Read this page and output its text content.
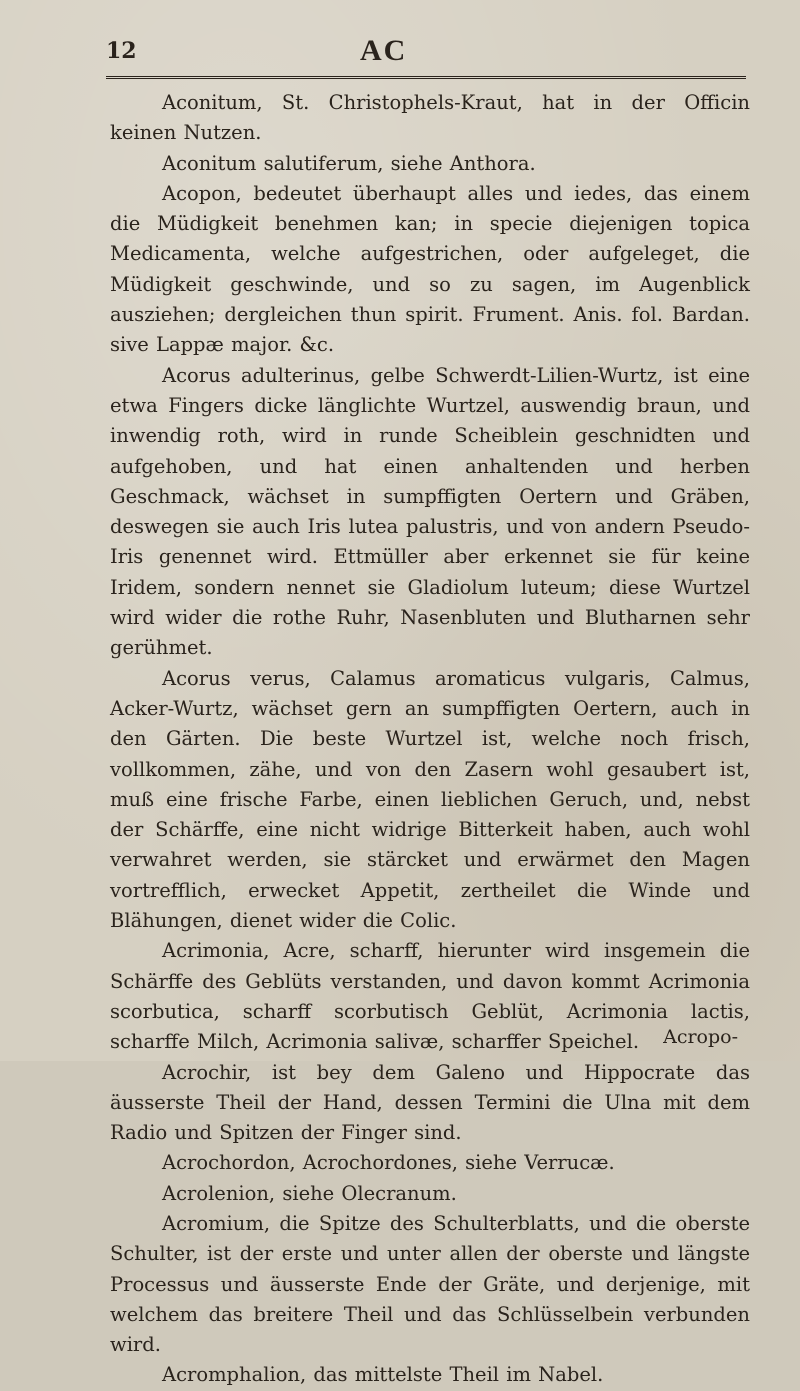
12	AC

Aconitum, St. Christophels-Kraut, hat in der Officin keinen Nutzen.

Aconitum salutiferum, siehe Anthora.

Acopon, bedeutet überhaupt alles und iedes, das einem die Müdigkeit benehmen kan; in specie diejenigen topica Medicamenta, welche aufgestrichen, oder aufgeleget, die Müdigkeit geschwinde, und so zu sagen, im Augenblick ausziehen; dergleichen thun spirit. Frument. Anis. fol. Bardan. sive Lappæ major. &c.

Acorus adulterinus, gelbe Schwerdt-Lilien-Wurtz, ist eine etwa Fingers dicke länglichte Wurtzel, auswendig braun, und inwendig roth, wird in runde Scheiblein geschnidten und aufgehoben, und hat einen anhaltenden und herben Geschmack, wächset in sumpffigten Oertern und Gräben, deswegen sie auch Iris lutea palustris, und von andern Pseudo-Iris genennet wird. Ettmüller aber erkennet sie für keine Iridem, sondern nennet sie Gladiolum luteum; diese Wurtzel wird wider die rothe Ruhr, Nasenbluten und Blutharnen sehr gerühmet.

Acorus verus, Calamus aromaticus vulgaris, Calmus, Acker-Wurtz, wächset gern an sumpffigten Oertern, auch in den Gärten. Die beste Wurtzel ist, welche noch frisch, vollkommen, zähe, und von den Zasern wohl gesaubert ist, muß eine frische Farbe, einen lieblichen Geruch, und, nebst der Schärffe, eine nicht widrige Bitterkeit haben, auch wohl verwahret werden, sie stärcket und erwärmet den Magen vortrefflich, erwecket Appetit, zertheilet die Winde und Blähungen, dienet wider die Colic.

Acrimonia, Acre, scharff, hierunter wird insgemein die Schärffe des Geblüts verstanden, und davon kommt Acrimonia scorbutica, scharff scorbutisch Geblüt, Acrimonia lactis, scharffe Milch, Acrimonia salivæ, scharffer Speichel.

Acrochir, ist bey dem Galeno und Hippocrate das äusserste Theil der Hand, dessen Termini die Ulna mit dem Radio und Spitzen der Finger sind.

Acrochordon, Acrochordones, siehe Verrucæ.

Acrolenion, siehe Olecranum.

Acromium, die Spitze des Schulterblatts, und die oberste Schulter, ist der erste und unter allen der oberste und längste Processus und äusserste Ende der Gräte, und derjenige, mit welchem das breitere Theil und das Schlüsselbein verbunden wird.

Acromphalion, das mittelste Theil im Nabel.

Acropo-
